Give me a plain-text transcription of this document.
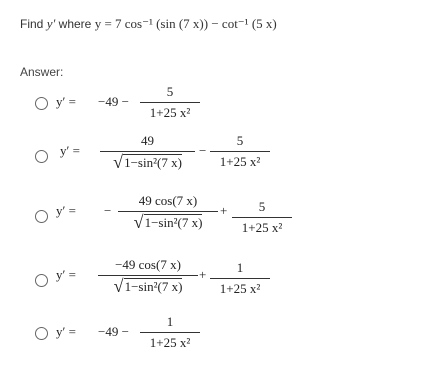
Find y′ where y = 7 cos⁻¹ (sin (7 x)) − cot⁻¹ (5 x)
Answer:
y′ = −49 −
5
1+25 x²
y′ =
49
√ 1−sin²(7 x)
−
5
1+25 x²
y′ = −
49 cos(7 x)
√ 1−sin²(7 x)
+	5
1+25 x²
y′ =
−49 cos(7 x)
√ 1−sin²(7 x)
+	1
1+25 x²
y′ = −49 −
1
1+25 x²
